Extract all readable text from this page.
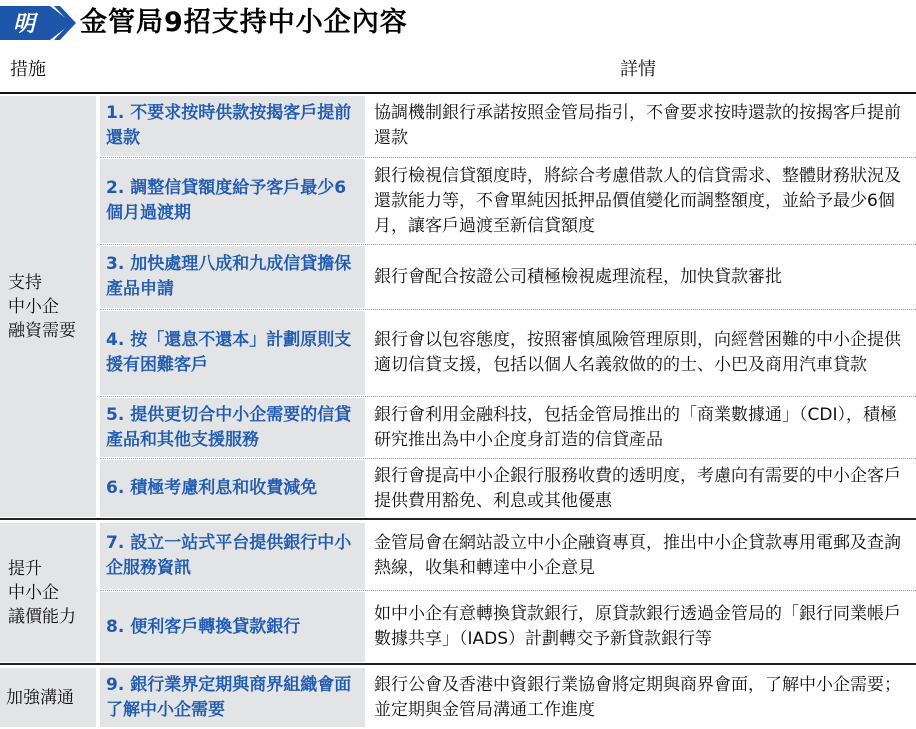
明 金管局9招支持中小企內容
措施	詳情
支持
中小企
融資需要
1. 不要求按時供款按揭客戶提前還款
協調機制銀行承諾按照金管局指引，不會要求按時還款的按揭客戶提前還款
2. 調整信貸額度給予客戶最少6個月過渡期
銀行檢視信貸額度時，將綜合考慮借款人的信貸需求、整體財務狀況及還款能力等，不會單純因抵押品價值變化而調整額度，並給予最少6個月，讓客戶過渡至新信貸額度
3. 加快處理八成和九成信貸擔保產品申請
銀行會配合按證公司積極檢視處理流程，加快貸款審批
4. 按「還息不還本」計劃原則支援有困難客戶
銀行會以包容態度，按照審慎風險管理原則，向經營困難的中小企提供適切信貸支援，包括以個人名義敘做的的士、小巴及商用汽車貸款
5. 提供更切合中小企需要的信貸產品和其他支援服務
銀行會利用金融科技，包括金管局推出的「商業數據通」（CDI），積極研究推出為中小企度身訂造的信貸產品
6. 積極考慮利息和收費減免
銀行會提高中小企銀行服務收費的透明度，考慮向有需要的中小企客戶提供費用豁免、利息或其他優惠
提升
中小企
議價能力
7. 設立一站式平台提供銀行中小企服務資訊
金管局會在網站設立中小企融資專頁，推出中小企貸款專用電郵及查詢熱線，收集和轉達中小企意見
8. 便利客戶轉換貸款銀行
如中小企有意轉換貸款銀行，原貸款銀行透過金管局的「銀行同業帳戶數據共享」（IADS）計劃轉交予新貸款銀行等
加強溝通
9. 銀行業界定期與商界組織會面了解中小企需要
銀行公會及香港中資銀行業協會將定期與商界會面，了解中小企需要；並定期與金管局溝通工作進度
